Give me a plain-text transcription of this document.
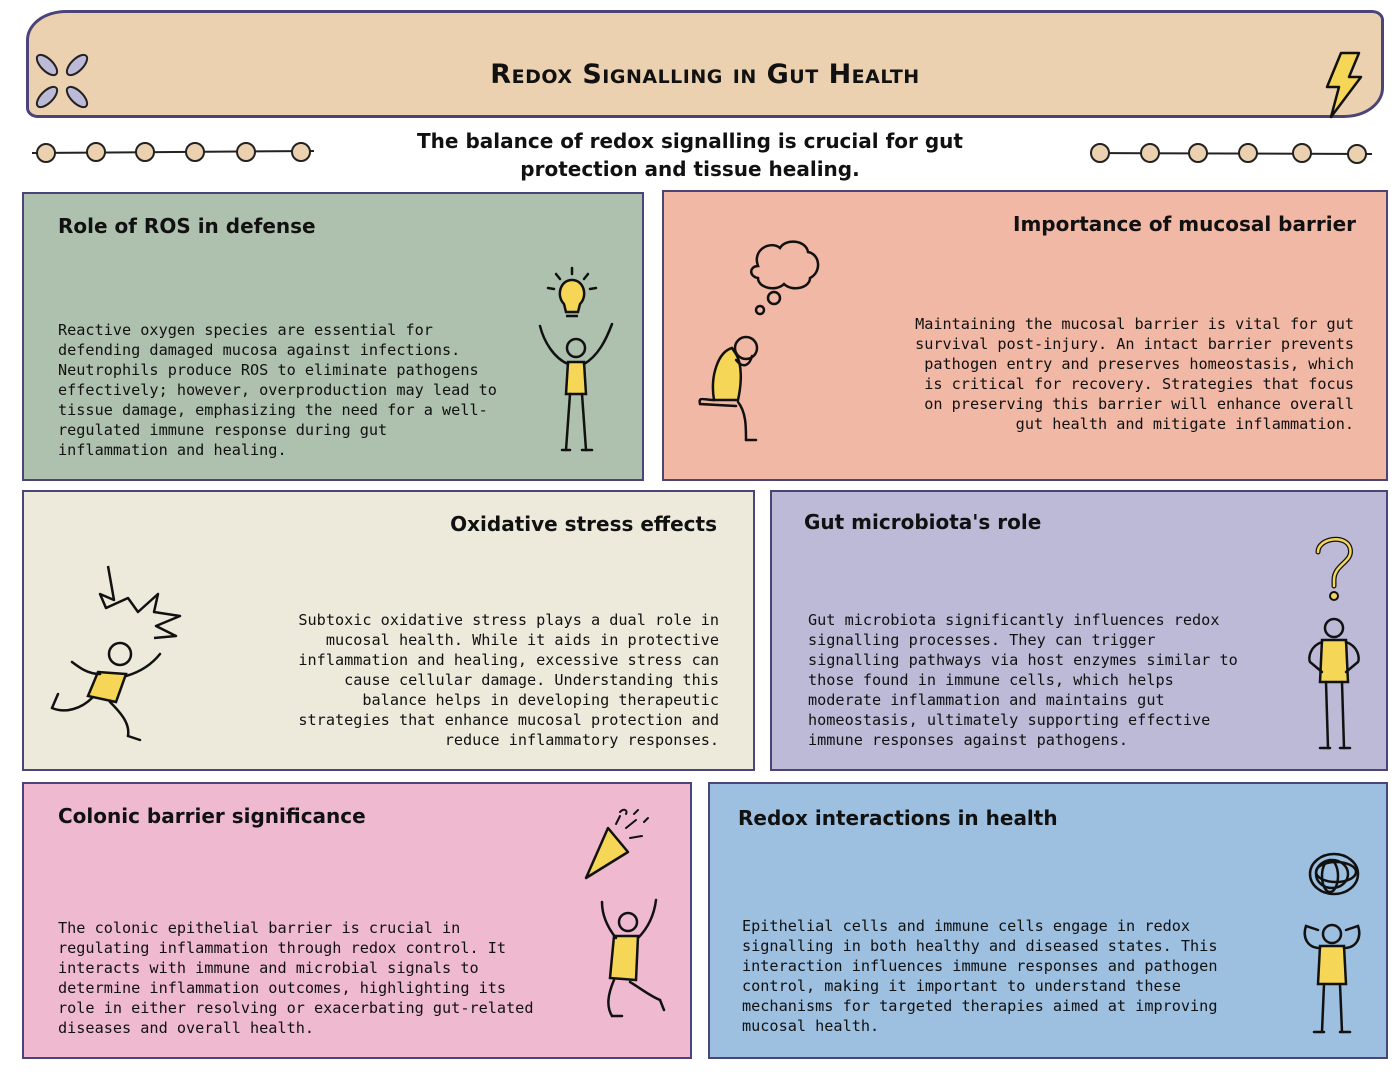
Redox Signalling in Gut Health
The balance of redox signalling is crucial for gut protection and tissue healing.
Role of ROS in defense
Reactive oxygen species are essential for
defending damaged mucosa against infections.
Neutrophils produce ROS to eliminate pathogens
effectively; however, overproduction may lead to
tissue damage, emphasizing the need for a well-
regulated immune response during gut
inflammation and healing.
Importance of mucosal barrier
Maintaining the mucosal barrier is vital for gut
survival post-injury. An intact barrier prevents
pathogen entry and preserves homeostasis, which
is critical for recovery. Strategies that focus
on preserving this barrier will enhance overall
gut health and mitigate inflammation.
Oxidative stress effects
Subtoxic oxidative stress plays a dual role in
mucosal health. While it aids in protective
inflammation and healing, excessive stress can
cause cellular damage. Understanding this
balance helps in developing therapeutic
strategies that enhance mucosal protection and
reduce inflammatory responses.
Gut microbiota's role
Gut microbiota significantly influences redox
signalling processes. They can trigger
signalling pathways via host enzymes similar to
those found in immune cells, which helps
moderate inflammation and maintains gut
homeostasis, ultimately supporting effective
immune responses against pathogens.
Colonic barrier significance
The colonic epithelial barrier is crucial in
regulating inflammation through redox control. It
interacts with immune and microbial signals to
determine inflammation outcomes, highlighting its
role in either resolving or exacerbating gut-related
diseases and overall health.
Redox interactions in health
Epithelial cells and immune cells engage in redox
signalling in both healthy and diseased states. This
interaction influences immune responses and pathogen
control, making it important to understand these
mechanisms for targeted therapies aimed at improving
mucosal health.
